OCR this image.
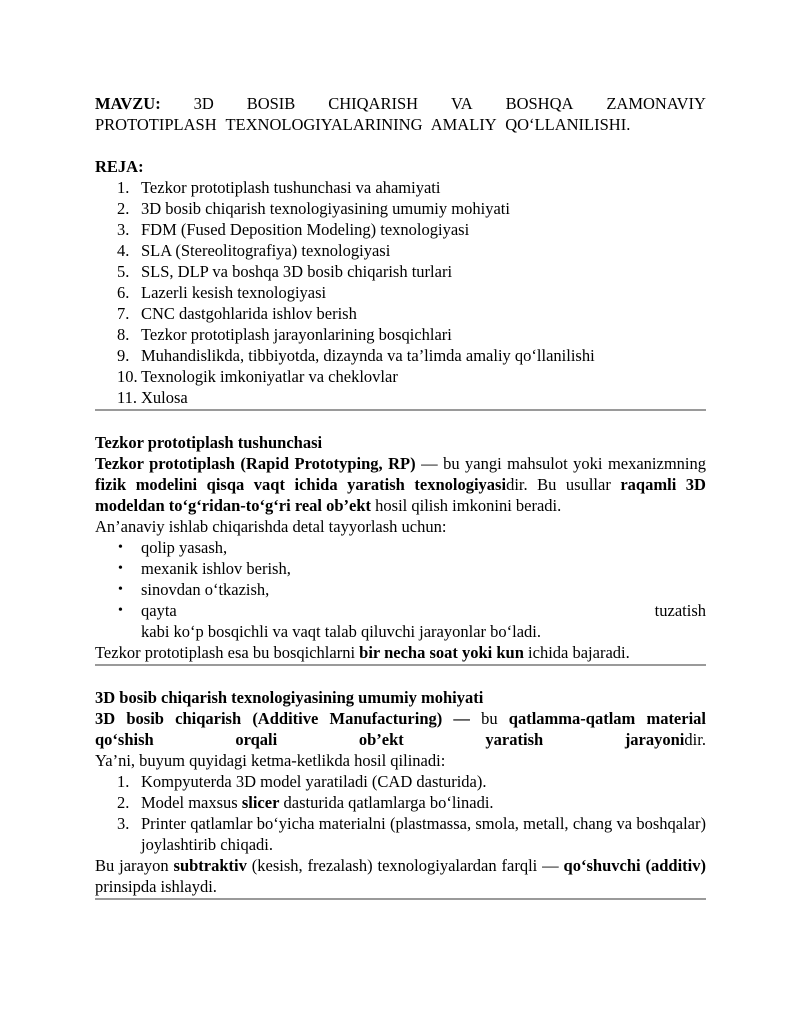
MAVZU: 3D BOSIB CHIQARISH VA BOSHQA ZAMONAVIY
PROTOTIPLASH TEXNOLOGIYALARINING AMALIY QO‘LLANILISHI.
REJA:
1. Tezkor prototiplash tushunchasi va ahamiyati
2. 3D bosib chiqarish texnologiyasining umumiy mohiyati
3. FDM (Fused Deposition Modeling) texnologiyasi
4. SLA (Stereolitografiya) texnologiyasi
5. SLS, DLP va boshqa 3D bosib chiqarish turlari
6. Lazerli kesish texnologiyasi
7. CNC dastgohlarida ishlov berish
8. Tezkor prototiplash jarayonlarining bosqichlari
9. Muhandislikda, tibbiyotda, dizaynda va ta’limda amaliy qo‘llanilishi
10. Texnologik imkoniyatlar va cheklovlar
11. Xulosa
Tezkor prototiplash tushunchasi
Tezkor prototiplash (Rapid Prototyping, RP) — bu yangi mahsulot yoki mexanizmning fizik modelini qisqa vaqt ichida yaratish texnologiyasidir. Bu usullar raqamli 3D modeldan to‘g‘ridan-to‘g‘ri real ob’ekt hosil qilish imkonini beradi.
An’anaviy ishlab chiqarishda detal tayyorlash uchun:
•	qolip yasash,
•	mexanik ishlov berish,
•	sinovdan o‘tkazish,
•	qayta	tuzatish
kabi ko‘p bosqichli va vaqt talab qiluvchi jarayonlar bo‘ladi.
Tezkor prototiplash esa bu bosqichlarni bir necha soat yoki kun ichida bajaradi.
3D bosib chiqarish texnologiyasining umumiy mohiyati
3D bosib chiqarish (Additive Manufacturing) — bu qatlamma-qatlam material
qo‘shish	orqali	ob’ekt	yaratish	jarayonidir.
Ya’ni, buyum quyidagi ketma-ketlikda hosil qilinadi:
1. Kompyuterda 3D model yaratiladi (CAD dasturida).
2. Model maxsus slicer dasturida qatlamlarga bo‘linadi.
3. Printer qatlamlar bo‘yicha materialni (plastmassa, smola, metall, chang va boshqalar) joylashtirib chiqadi.
Bu jarayon subtraktiv (kesish, frezalash) texnologiyalardan farqli — qo‘shuvchi (additiv) prinsipda ishlaydi.
